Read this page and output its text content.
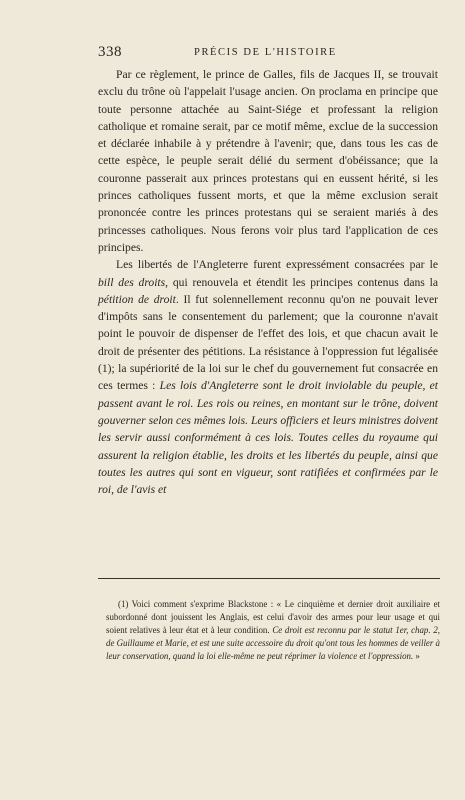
338	PRÉCIS DE L'HISTOIRE

Par ce règlement, le prince de Galles, fils de Jacques II, se trouvait exclu du trône où l'appelait l'usage ancien. On proclama en principe que toute personne attachée au Saint-Siége et professant la religion catholique et romaine serait, par ce motif même, exclue de la succession et déclarée inhabile à y prétendre à l'avenir; que, dans tous les cas de cette espèce, le peuple serait délié du serment d'obéissance; que la couronne passerait aux princes protestans qui en eussent hérité, si les princes catholiques fussent morts, et que la même exclusion serait prononcée contre les princes protestans qui se seraient mariés à des princesses catholiques. Nous ferons voir plus tard l'application de ces principes.

Les libertés de l'Angleterre furent expressément consacrées par le bill des droits, qui renouvela et étendit les principes contenus dans la pétition de droit. Il fut solennellement reconnu qu'on ne pouvait lever d'impôts sans le consentement du parlement; que la couronne n'avait point le pouvoir de dispenser de l'effet des lois, et que chacun avait le droit de présenter des pétitions. La résistance à l'oppression fut légalisée (1); la supériorité de la loi sur le chef du gouvernement fut consacrée en ces termes : Les lois d'Angleterre sont le droit inviolable du peuple, et passent avant le roi. Les rois ou reines, en montant sur le trône, doivent gouverner selon ces mêmes lois. Leurs officiers et leurs ministres doivent les servir aussi conformément à ces lois. Toutes celles du royaume qui assurent la religion établie, les droits et les libertés du peuple, ainsi que toutes les autres qui sont en vigueur, sont ratifiées et confirmées par le roi, de l'avis et

(1) Voici comment s'exprime Blackstone : « Le cinquième et dernier droit auxiliaire et subordonné dont jouissent les Anglais, est celui d'avoir des armes pour leur usage et qui soient relatives à leur état et à leur condition. Ce droit est reconnu par le statut 1er, chap. 2, de Guillaume et Marie, et est une suite accessoire du droit qu'ont tous les hommes de veiller à leur conservation, quand la loi elle-même ne peut réprimer la violence et l'oppression. »
